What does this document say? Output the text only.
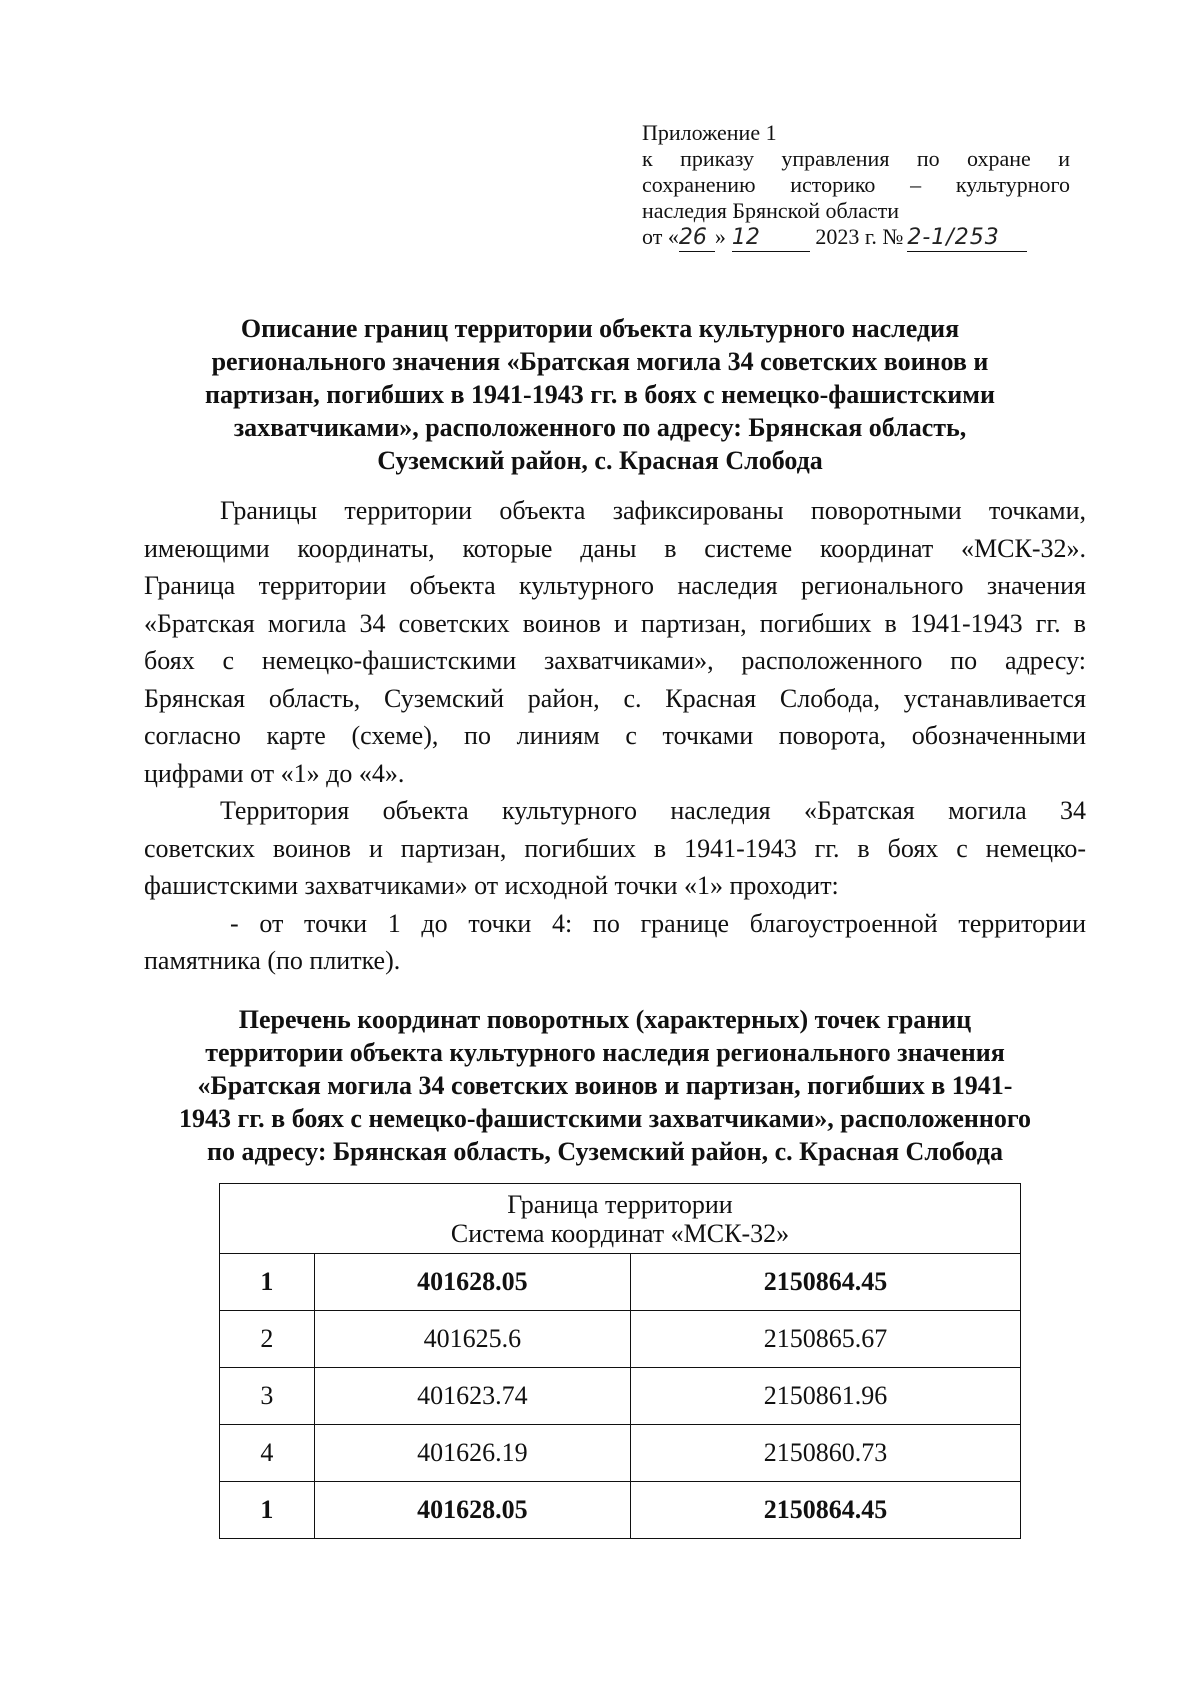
Приложение 1
к приказу управления по охране и
сохранению историко – культурного
наследия Брянской области
от « 26 » 12
	2023 г. № 2-1/253
Описание границ территории объекта культурного наследия
регионального значения «Братская могила 34 советских воинов и
партизан, погибших в 1941-1943 гг. в боях с немецко-фашистскими
захватчиками», расположенного по адресу: Брянская область,
Суземский район, с. Красная Слобода
Границы территории объекта зафиксированы поворотными точками,
имеющими координаты, которые даны в системе координат «МСК-32».
Граница территории объекта культурного наследия регионального значения
«Братская могила 34 советских воинов и партизан, погибших в 1941-1943 гг. в
боях с немецко-фашистскими захватчиками», расположенного по адресу:
Брянская область, Суземский район, с. Красная Слобода, устанавливается
согласно карте (схеме), по линиям с точками поворота, обозначенными
цифрами от «1» до «4».
Территория объекта культурного наследия «Братская могила 34
советских воинов и партизан, погибших в 1941-1943 гг. в боях с немецко-
фашистскими захватчиками» от исходной точки «1» проходит:
- от точки 1 до точки 4: по границе благоустроенной территории
памятника (по плитке).
Перечень координат поворотных (характерных) точек границ
территории объекта культурного наследия регионального значения
«Братская могила 34 советских воинов и партизан, погибших в 1941-
1943 гг. в боях с немецко-фашистскими захватчиками», расположенного
по адресу: Брянская область, Суземский район, с. Красная Слобода
Граница территории
Система координат «МСК-32»		
1	401628.05	2150864.45
2	401625.6	2150865.67
3	401623.74	2150861.96
4	401626.19	2150860.73
1	401628.05	2150864.45
